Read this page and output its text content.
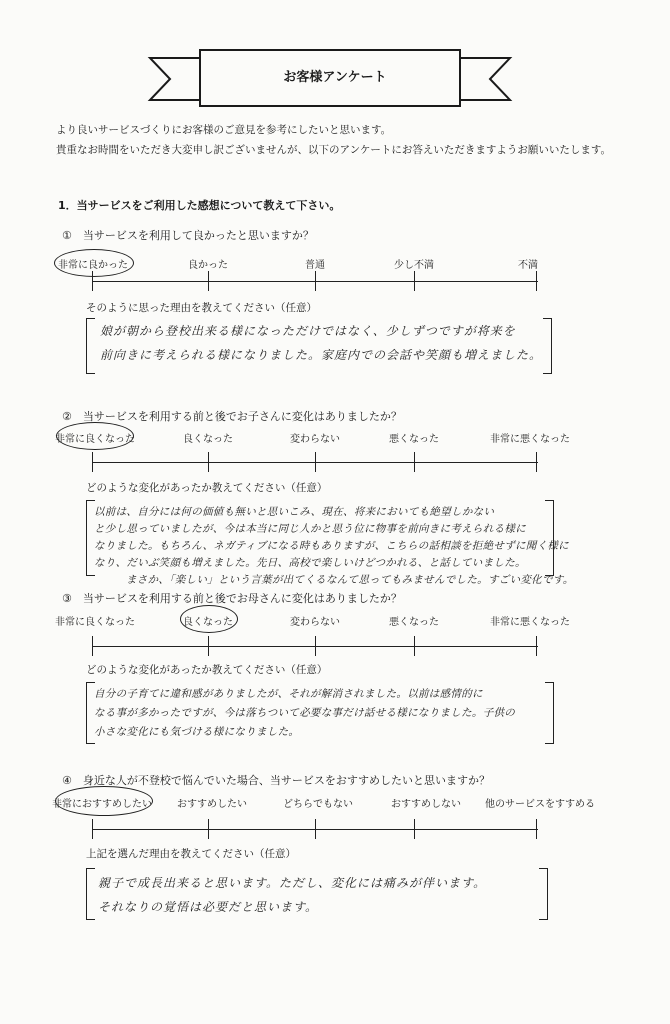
お客様アンケート
より良いサービスづくりにお客様のご意見を参考にしたいと思います。
貴重なお時間をいただき大変申し訳ございませんが、以下のアンケートにお答えいただきますようお願いいたします。
1．当サービスをご利用した感想について教えて下さい。
①　当サービスを利用して良かったと思いますか？
非常に良かった	良かった	普通	少し不満	不満
そのように思った理由を教えてください（任意）
娘が朝から登校出来る様になっただけではなく、少しずつですが将来を
前向きに考えられる様になりました。家庭内での会話や笑顔も増えました。
②　当サービスを利用する前と後でお子さんに変化はありましたか？
非常に良くなった	良くなった	変わらない	悪くなった	非常に悪くなった
どのような変化があったか教えてください（任意）
以前は、自分には何の価値も無いと思いこみ、現在、将来においても絶望しかない
と少し思っていましたが、今は本当に同じ人かと思う位に物事を前向きに考えられる様に
なりました。もちろん、ネガティブになる時もありますが、こちらの話相談を拒絶せずに聞く様に
なり、だいぶ笑顔も増えました。先日、高校で楽しいけどつかれる、と話していました。
まさか、「楽しい」という言葉が出てくるなんて思ってもみませんでした。すごい変化です。
③　当サービスを利用する前と後でお母さんに変化はありましたか？
非常に良くなった	良くなった	変わらない	悪くなった	非常に悪くなった
どのような変化があったか教えてください（任意）
自分の子育てに違和感がありましたが、それが解消されました。以前は感情的に
なる事が多かったですが、今は落ちついて必要な事だけ話せる様になりました。子供の
小さな変化にも気づける様になりました。
④　身近な人が不登校で悩んでいた場合、当サービスをおすすめしたいと思いますか？
非常におすすめしたい おすすめしたい	どちらでもない	おすすめしない 他のサービスをすすめる
上記を選んだ理由を教えてください（任意）
親子で成長出来ると思います。ただし、変化には痛みが伴います。
それなりの覚悟は必要だと思います。
